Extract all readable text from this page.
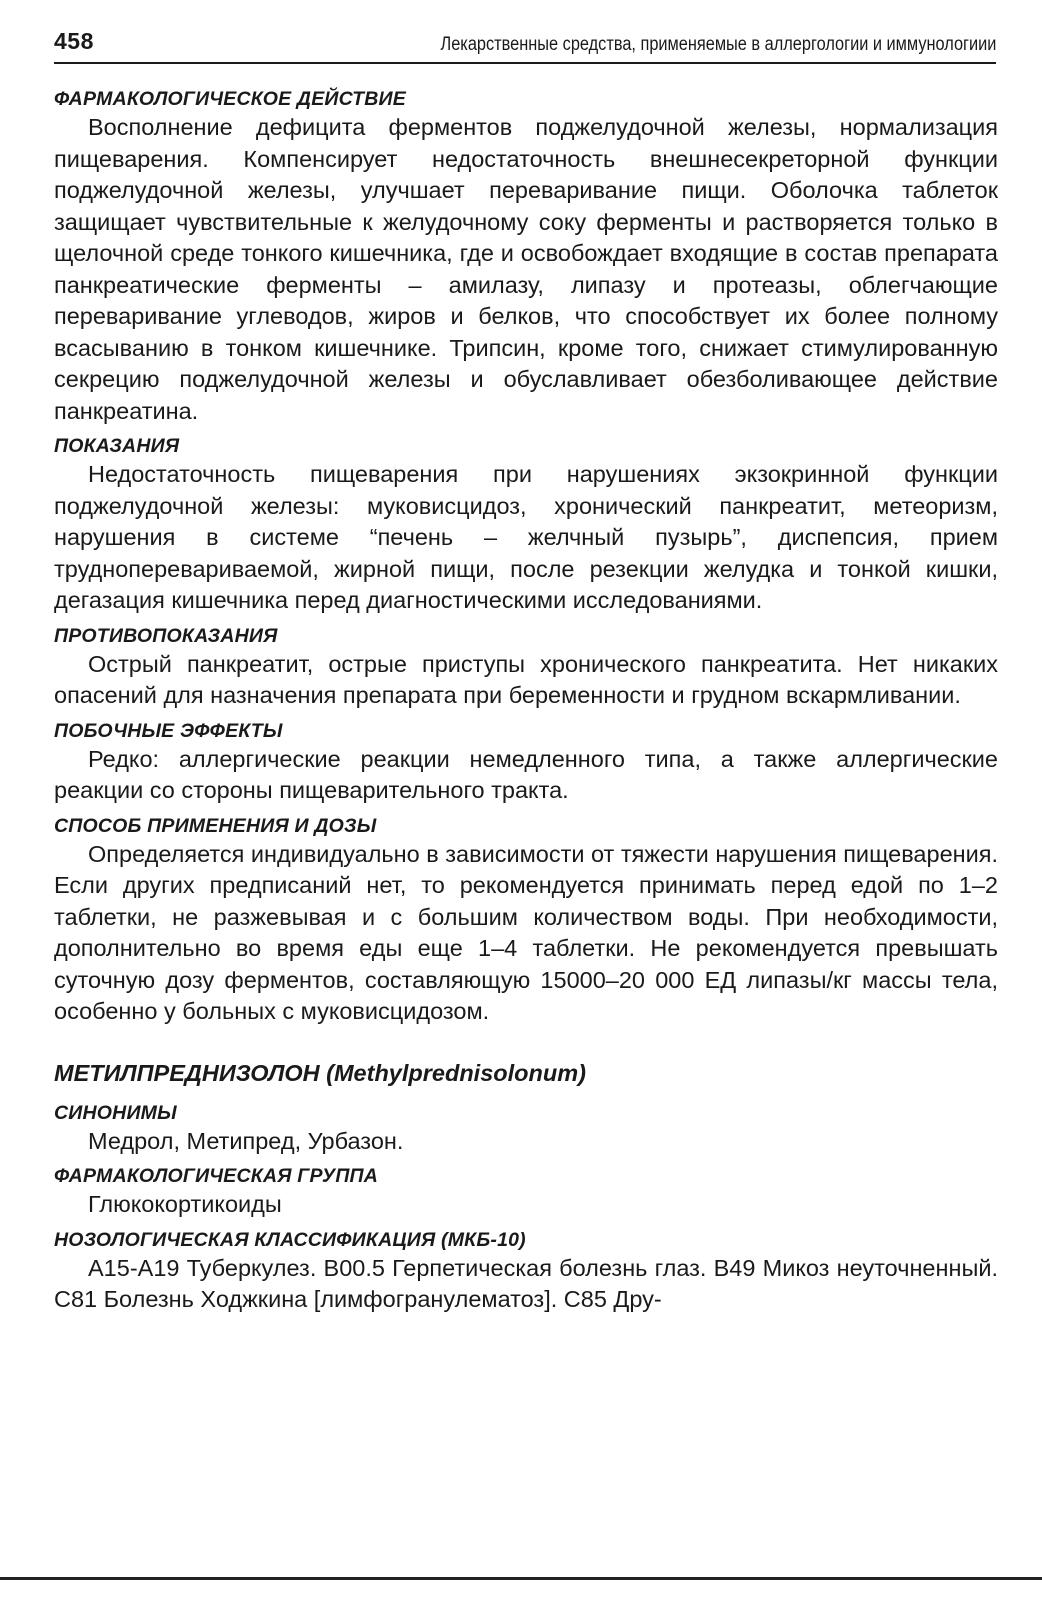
458	Лекарственные средства, применяемые в аллергологии и иммунологиии
ФАРМАКОЛОГИЧЕСКОЕ ДЕЙСТВИЕ

Восполнение дефицита ферментов поджелудочной железы, нормализация пищеварения. Компенсирует недостаточность внешнесекреторной функции поджелудочной железы, улучшает переваривание пищи. Оболочка таблеток защищает чувствительные к желудочному соку ферменты и растворяется только в щелочной среде тонкого кишечника, где и освобождает входящие в состав препарата панкреатические ферменты – амилазу, липазу и протеазы, облегчающие переваривание углеводов, жиров и белков, что способствует их более полному всасыванию в тонком кишечнике. Трипсин, кроме того, снижает стимулированную секрецию поджелудочной железы и обуславливает обезболивающее действие панкреатина.

ПОКАЗАНИЯ

Недостаточность пищеварения при нарушениях экзокринной функции поджелудочной железы: муковисцидоз, хронический панкреатит, метеоризм, нарушения в системе “печень – желчный пузырь”, диспепсия, прием трудноперевариваемой, жирной пищи, после резекции желудка и тонкой кишки, дегазация кишечника перед диагностическими исследованиями.

ПРОТИВОПОКАЗАНИЯ

Острый панкреатит, острые приступы хронического панкреатита. Нет никаких опасений для назначения препарата при беременности и грудном вскармливании.

ПОБОЧНЫЕ ЭФФЕКТЫ

Редко: аллергические реакции немедленного типа, а также аллергические реакции со стороны пищеварительного тракта.

СПОСОБ ПРИМЕНЕНИЯ И ДОЗЫ

Определяется индивидуально в зависимости от тяжести нарушения пищеварения. Если других предписаний нет, то рекомендуется принимать перед едой по 1–2 таблетки, не разжевывая и с большим количеством воды. При необходимости, дополнительно во время еды еще 1–4 таблетки. Не рекомендуется превышать суточную дозу ферментов, составляющую 15000–20 000 ЕД липазы/кг массы тела, особенно у больных с муковисцидозом.

МЕТИЛПРЕДНИЗОЛОН (Methylprednisolonum)
СИНОНИМЫ

Медрол, Метипред, Урбазон.

ФАРМАКОЛОГИЧЕСКАЯ ГРУППА

Глюкокортикоиды

НОЗОЛОГИЧЕСКАЯ КЛАССИФИКАЦИЯ (МКБ-10)

А15-А19 Туберкулез. В00.5 Герпетическая болезнь глаз. В49 Микоз неуточненный. С81 Болезнь Ходжкина [лимфогранулематоз]. С85 Дру-
